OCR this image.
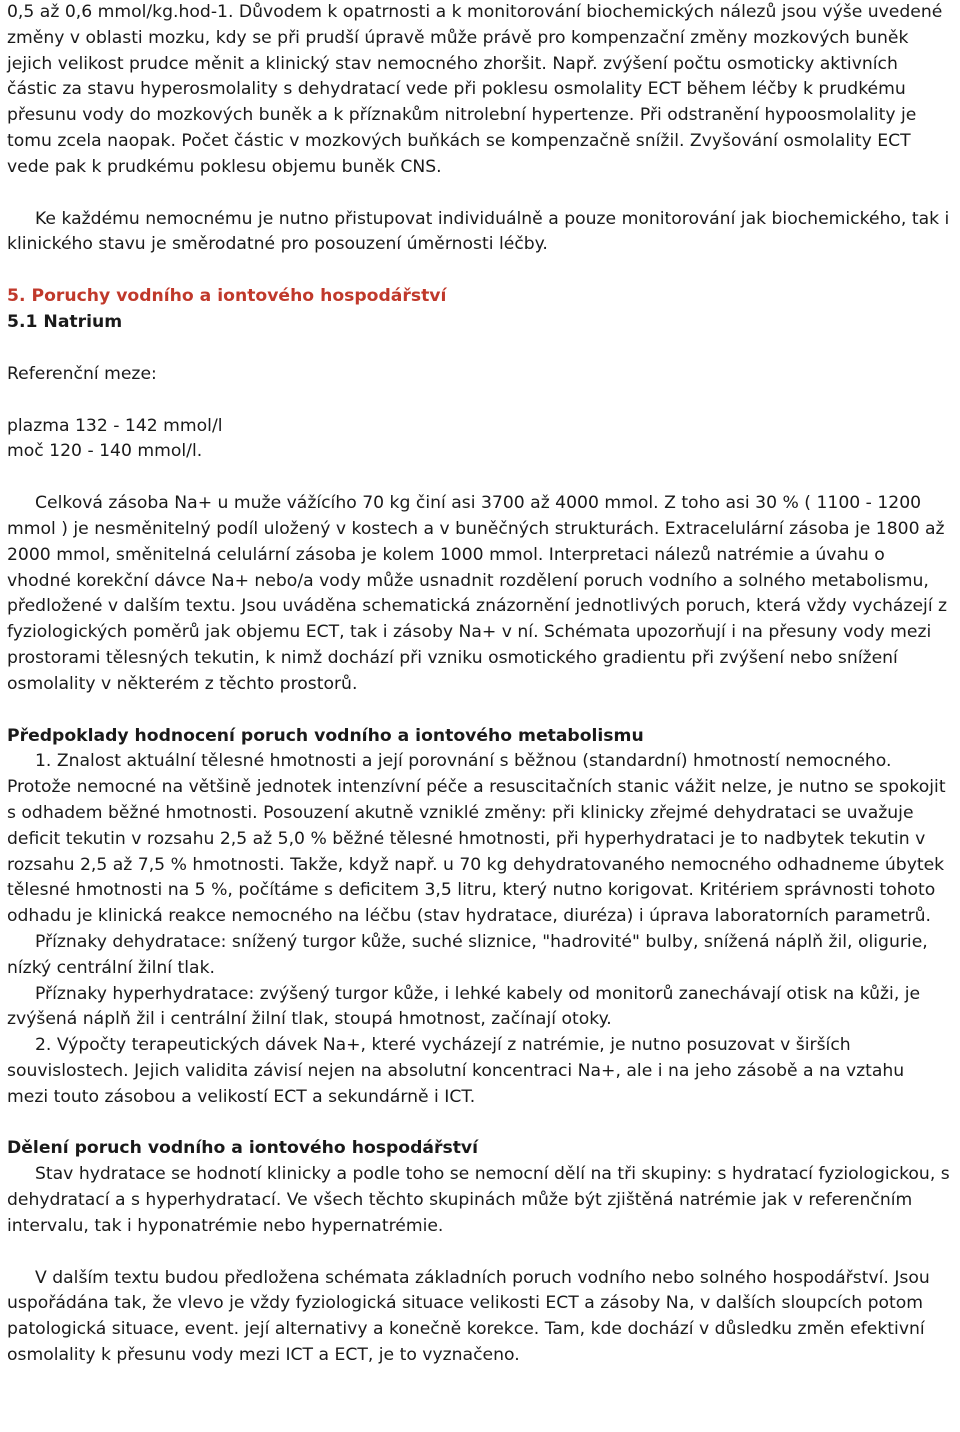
0,5 až 0,6 mmol/kg.hod-1. Důvodem k opatrnosti a k monitorování biochemických nálezů jsou výše uvedené změny v oblasti mozku, kdy se při prudší úpravě může právě pro kompenzační změny mozkových buněk jejich velikost prudce měnit a klinický stav nemocného zhoršit. Např. zvýšení počtu osmoticky aktivních částic za stavu hyperosmolality s dehydratací vede při poklesu osmolality ECT během léčby k prudkému přesunu vody do mozkových buněk a k příznakům nitrolební hypertenze. Při odstranění hypoosmolality je tomu zcela naopak. Počet částic v mozkových buňkách se kompenzačně snížil. Zvyšování osmolality ECT vede pak k prudkému poklesu objemu buněk CNS.

Ke každému nemocnému je nutno přistupovat individuálně a pouze monitorování jak biochemického, tak i klinického stavu je směrodatné pro posouzení úměrnosti léčby.

5. Poruchy vodního a iontového hospodářství

5.1 Natrium

Referenční meze:

plazma 132 - 142 mmol/l

moč 120 - 140 mmol/l.

Celková zásoba Na+ u muže vážícího 70 kg činí asi 3700 až 4000 mmol. Z toho asi 30 % ( 1100 - 1200 mmol ) je nesměnitelný podíl uložený v kostech a v buněčných strukturách. Extracelulární zásoba je 1800 až 2000 mmol, směnitelná celulární zásoba je kolem 1000 mmol. Interpretaci nálezů natrémie a úvahu o vhodné korekční dávce Na+ nebo/a vody může usnadnit rozdělení poruch vodního a solného metabolismu, předložené v dalším textu. Jsou uváděna schematická znázornění jednotlivých poruch, která vždy vycházejí z fyziologických poměrů jak objemu ECT, tak i zásoby Na+ v ní. Schémata upozorňují i na přesuny vody mezi prostorami tělesných tekutin, k nimž dochází při vzniku osmotického gradientu při zvýšení nebo snížení osmolality v některém z těchto prostorů.

Předpoklady hodnocení poruch vodního a iontového metabolismu

1. Znalost aktuální tělesné hmotnosti a její porovnání s běžnou (standardní) hmotností nemocného.

Protože nemocné na většině jednotek intenzívní péče a resuscitačních stanic vážit nelze, je nutno se spokojit s odhadem běžné hmotnosti. Posouzení akutně vzniklé změny: při klinicky zřejmé dehydrataci se uvažuje deficit tekutin v rozsahu 2,5 až 5,0 % běžné tělesné hmotnosti, při hyperhydrataci je to nadbytek tekutin v rozsahu 2,5 až 7,5 % hmotnosti. Takže, když např. u 70 kg dehydratovaného nemocného odhadneme úbytek tělesné hmotnosti na 5 %, počítáme s deficitem 3,5 litru, který nutno korigovat. Kritériem správnosti tohoto odhadu je klinická reakce nemocného na léčbu (stav hydratace, diuréza) i úprava laboratorních parametrů.

Příznaky dehydratace: snížený turgor kůže, suché sliznice, "hadrovité" bulby, snížená náplň žil, oligurie, nízký centrální žilní tlak.

Příznaky hyperhydratace: zvýšený turgor kůže, i lehké kabely od monitorů zanechávají otisk na kůži, je zvýšená náplň žil i centrální žilní tlak, stoupá hmotnost, začínají otoky.

2. Výpočty terapeutických dávek Na+, které vycházejí z natrémie, je nutno posuzovat v širších souvislostech. Jejich validita závisí nejen na absolutní koncentraci Na+, ale i na jeho zásobě a na vztahu mezi touto zásobou a velikostí ECT a sekundárně i ICT.

Dělení poruch vodního a iontového hospodářství

Stav hydratace se hodnotí klinicky a podle toho se nemocní dělí na tři skupiny: s hydratací fyziologickou, s dehydratací a s hyperhydratací. Ve všech těchto skupinách může být zjištěná natrémie jak v referenčním intervalu, tak i hyponatrémie nebo hypernatrémie.

V dalším textu budou předložena schémata základních poruch vodního nebo solného hospodářství. Jsou uspořádána tak, že vlevo je vždy fyziologická situace velikosti ECT a zásoby Na, v dalších sloupcích potom patologická situace, event. její alternativy a konečně korekce. Tam, kde dochází v důsledku změn efektivní osmolality k přesunu vody mezi ICT a ECT, je to vyznačeno.
